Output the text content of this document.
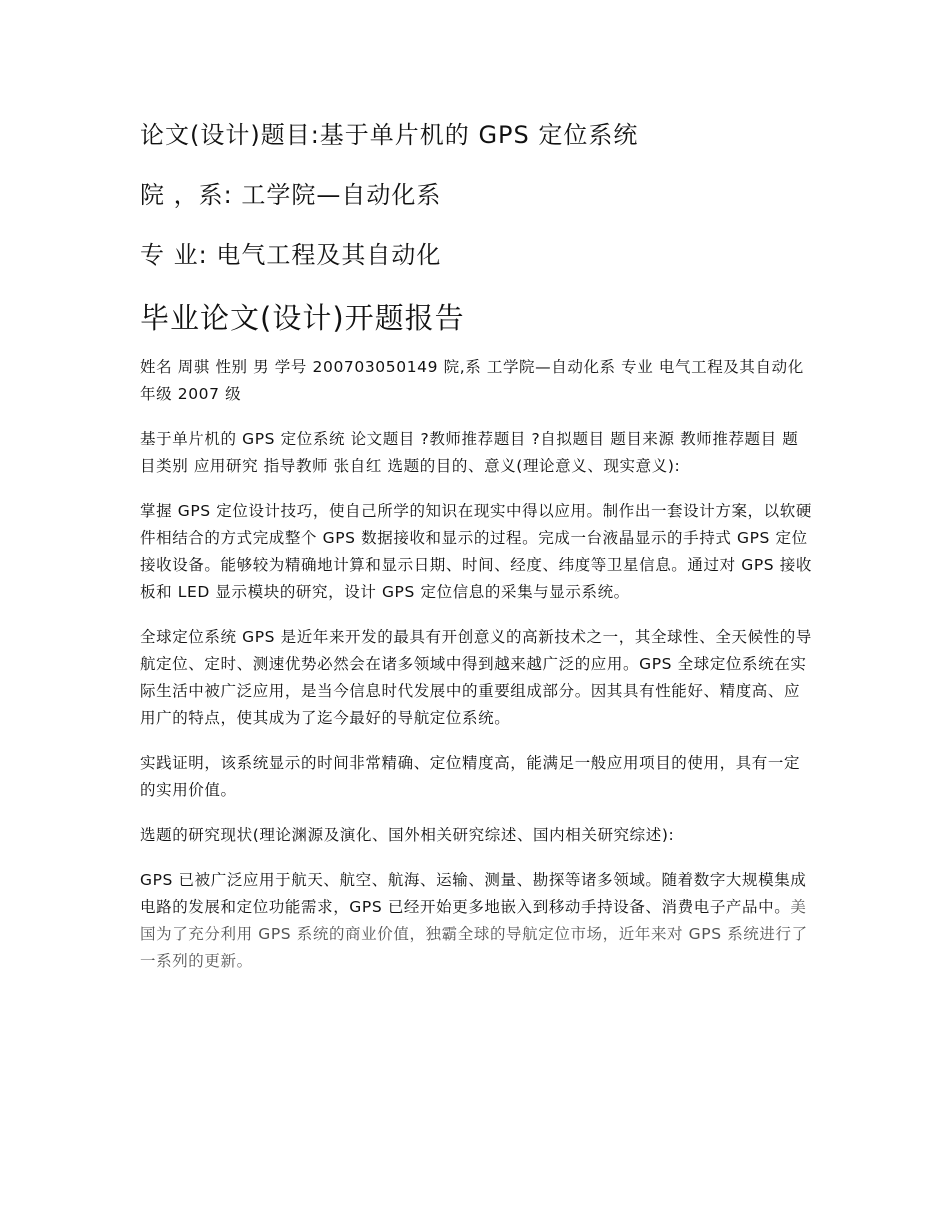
论文(设计)题目:基于单片机的 GPS 定位系统
院 ，系: 工学院—自动化系
专 业: 电气工程及其自动化
毕业论文(设计)开题报告

姓名 周骐 性别 男 学号 200703050149 院,系 工学院—自动化系 专业 电气工程及其自动化 年级 2007 级

基于单片机的 GPS 定位系统 论文题目 ?教师推荐题目 ?自拟题目 题目来源 教师推荐题目 题目类别 应用研究 指导教师 张自红 选题的目的、意义(理论意义、现实意义):

掌握 GPS 定位设计技巧，使自己所学的知识在现实中得以应用。制作出一套设计方案，以软硬件相结合的方式完成整个 GPS 数据接收和显示的过程。完成一台液晶显示的手持式 GPS 定位接收设备。能够较为精确地计算和显示日期、时间、经度、纬度等卫星信息。通过对 GPS 接收板和 LED 显示模块的研究，设计 GPS 定位信息的采集与显示系统。

全球定位系统 GPS 是近年来开发的最具有开创意义的高新技术之一，其全球性、全天候性的导航定位、定时、测速优势必然会在诸多领域中得到越来越广泛的应用。GPS 全球定位系统在实际生活中被广泛应用，是当今信息时代发展中的重要组成部分。因其具有性能好、精度高、应用广的特点，使其成为了迄今最好的导航定位系统。

实践证明，该系统显示的时间非常精确、定位精度高，能满足一般应用项目的使用，具有一定的实用价值。

选题的研究现状(理论渊源及演化、国外相关研究综述、国内相关研究综述):

GPS 已被广泛应用于航天、航空、航海、运输、测量、勘探等诸多领域。随着数字大规模集成电路的发展和定位功能需求，GPS 已经开始更多地嵌入到移动手持设备、消费电子产品中。美国为了充分利用 GPS 系统的商业价值，独霸全球的导航定位市场，近年来对 GPS 系统进行了一系列的更新。
